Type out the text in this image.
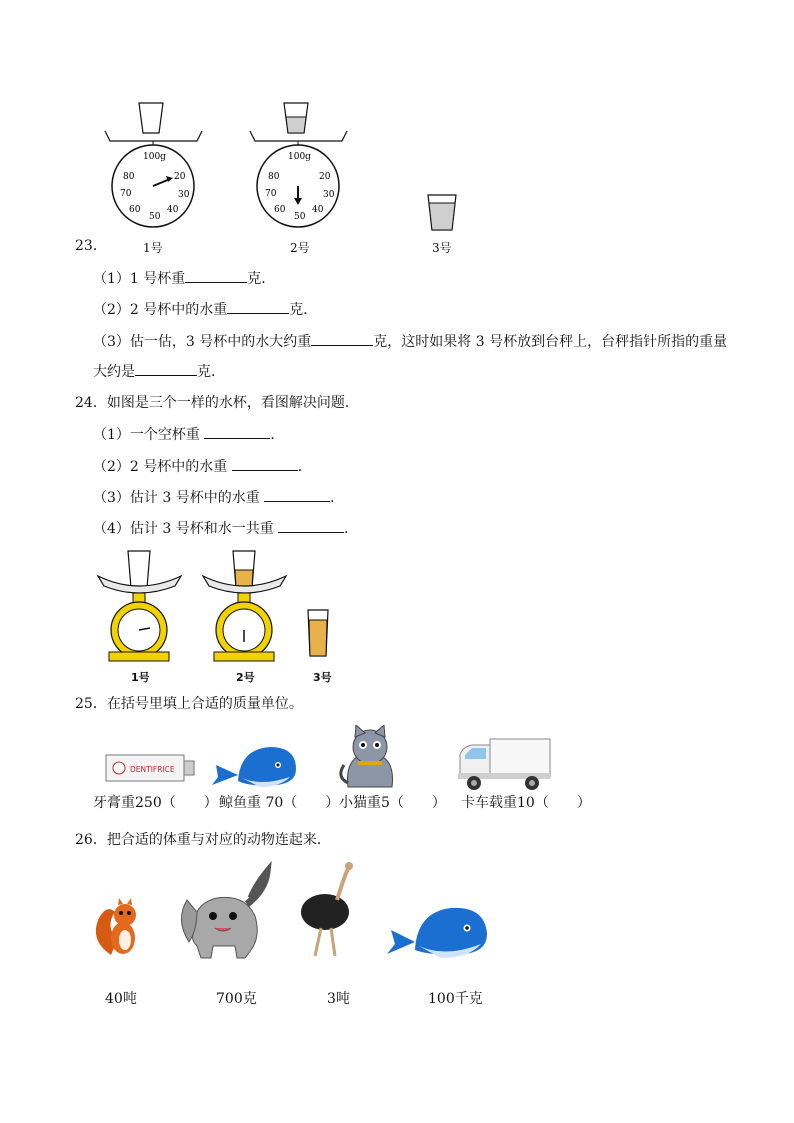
100g
20
30
40
50
60
70
80
100g
20
30
40
50
60
70
80
23．	1号	2号	3号
（1）1 号杯重	克．
（2）2 号杯中的水重	克．
（3）估一估，3 号杯中的水大约重	克，这时如果将 3 号杯放到台秤上，台秤指针所指的重量
大约是	克．
24．如图是三个一样的水杯，看图解决问题．
（1）一个空杯重	．
（2）2 号杯中的水重	．
（3）估计 3 号杯中的水重	．
（4）估计 3 号杯和水一共重	．
1号	2号	3号
25．在括号里填上合适的质量单位。
DENTIFRICE
牙膏重250（　　） 鲸鱼重 70（　　） 小猫重5（　　） 卡车载重10（　　）
26．把合适的体重与对应的动物连起来．
40吨	700克	3吨	100千克
